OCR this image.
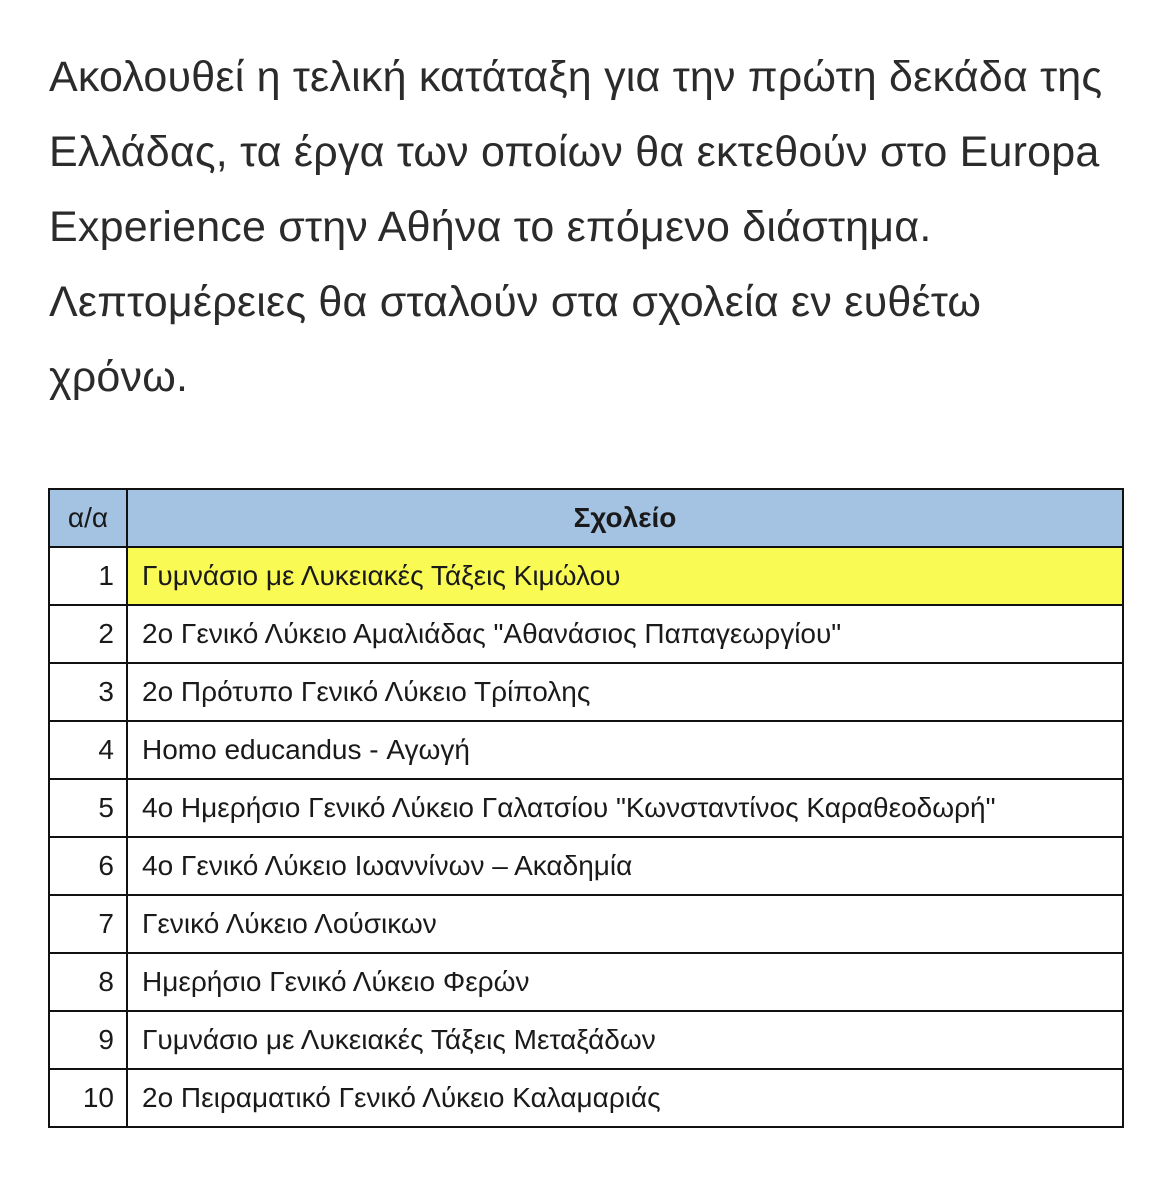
Ακολουθεί η τελική κατάταξη για την πρώτη δεκάδα της Ελλάδας, τα έργα των οποίων θα εκτεθούν στο Europa Experience στην Αθήνα το επόμενο διάστημα. Λεπτομέρειες θα σταλούν στα σχολεία εν ευθέτω χρόνω.

α/α	Σχολείο
1	Γυμνάσιο με Λυκειακές Τάξεις Κιμώλου
2	2ο Γενικό Λύκειο Αμαλιάδας "Αθανάσιος Παπαγεωργίου"
3	2ο Πρότυπο Γενικό Λύκειο Τρίπολης
4	Homo educandus - Αγωγή
5	4ο Ημερήσιο Γενικό Λύκειο Γαλατσίου "Κωνσταντίνος Καραθεοδωρή"
6	4ο Γενικό Λύκειο Ιωαννίνων – Ακαδημία
7	Γενικό Λύκειο Λούσικων
8	Ημερήσιο Γενικό Λύκειο Φερών
9	Γυμνάσιο με Λυκειακές Τάξεις Μεταξάδων
10	2ο Πειραματικό Γενικό Λύκειο Καλαμαριάς
